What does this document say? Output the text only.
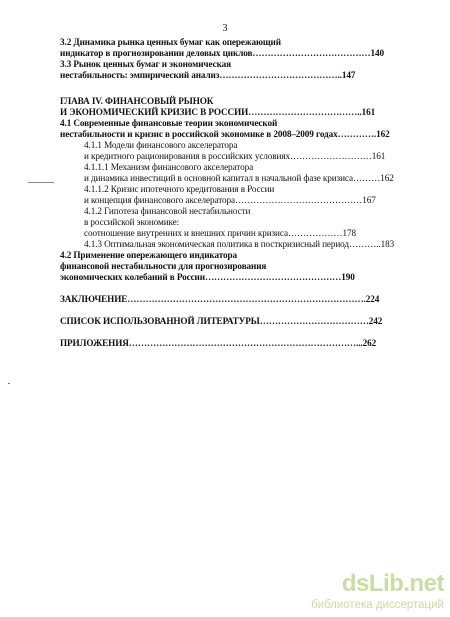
3
3.2 Динамика рынка ценных бумаг как опережающий
индикатор в прогнозировании деловых циклов…………………………………140
3.3 Рынок ценных бумаг и экономическая
нестабильность: эмпирический анализ…………………………………..147
ГЛАВА IV. ФИНАНСОВЫЙ РЫНОК
И ЭКОНОМИЧЕСКИЙ КРИЗИС В РОССИИ………………………………..161
4.1 Современные финансовые теории экономической
нестабильности и кризис в российской экономике в 2008–2009 годах………….162
4.1.1 Модели финансового акселератора
и кредитного рационирования в российских условиях………………………161
4.1.1.1 Механизм финансового акселератора
и динамика инвестиций в основной капитал в начальной фазе кризиса………162
4.1.1.2 Кризис ипотечного кредитования в России
и концепция финансового акселератора……………………………………167
4.1.2 Гипотеза финансовой нестабильности
в российской экономике:
соотношение внутренних и внешних причин кризиса………………178
4.1.3 Оптимальная экономическая политика в посткризисный период………..183
4.2 Применение опережающего индикатора
финансовой нестабильности для прогнозирования
экономических колебаний в России………………………………………190
ЗАКЛЮЧЕНИЕ…………………………………………………………………….224
СПИСОК ИСПОЛЬЗОВАННОЙ ЛИТЕРАТУРЫ………………………………242
ПРИЛОЖЕНИЯ…………………………………………………………………...262
dsLib.net
библиотека диссертаций
